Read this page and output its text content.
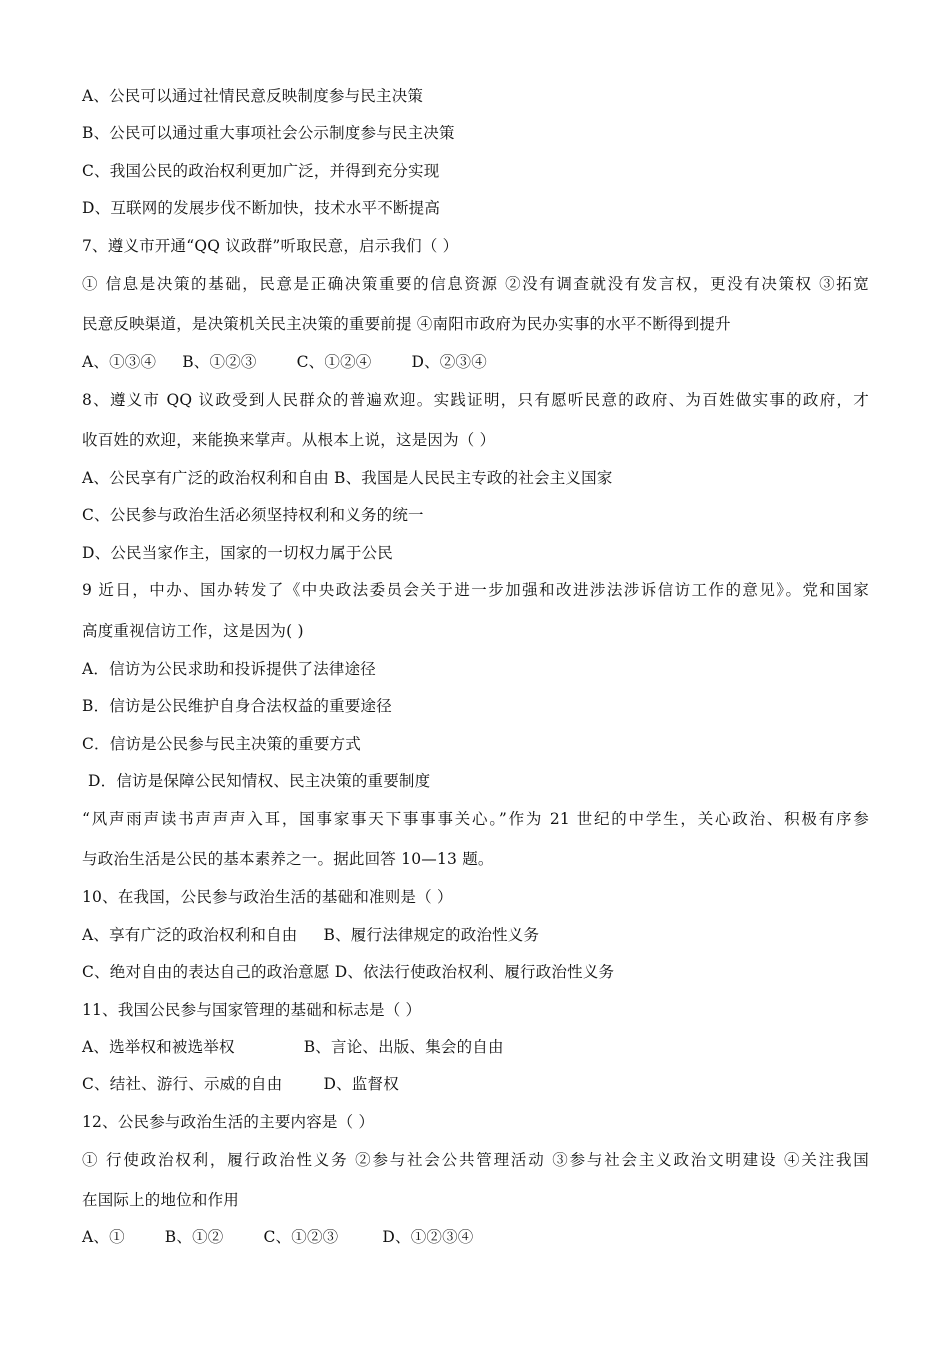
A、公民可以通过社情民意反映制度参与民主决策
B、公民可以通过重大事项社会公示制度参与民主决策
C、我国公民的政治权利更加广泛，并得到充分实现
D、互联网的发展步伐不断加快，技术水平不断提高
7、遵义市开通“QQ 议政群”听取民意，启示我们（ ）
① 信息是决策的基础，民意是正确决策重要的信息资源 ②没有调查就没有发言权，更没有决策权 ③拓宽
民意反映渠道，是决策机关民主决策的重要前提 ④南阳市政府为民办实事的水平不断得到提升
A、①③④ B、①②③	C、①②④	D、②③④
8、遵义市 QQ 议政受到人民群众的普遍欢迎。实践证明，只有愿听民意的政府、为百姓做实事的政府，才
收百姓的欢迎，来能换来掌声。从根本上说，这是因为（ ）
A、公民享有广泛的政治权利和自由 B、我国是人民民主专政的社会主义国家
C、公民参与政治生活必须坚持权利和义务的统一
D、公民当家作主，国家的一切权力属于公民
9 近日，中办、国办转发了《中央政法委员会关于进一步加强和改进涉法涉诉信访工作的意见》。党和国家
高度重视信访工作，这是因为( )
A．信访为公民求助和投诉提供了法律途径
B．信访是公民维护自身合法权益的重要途径
C．信访是公民参与民主决策的重要方式
D．信访是保障公民知情权、民主决策的重要制度
“风声雨声读书声声声入耳，国事家事天下事事事关心。”作为 21 世纪的中学生，关心政治、积极有序参
与政治生活是公民的基本素养之一。据此回答 10—13 题。
10、在我国，公民参与政治生活的基础和准则是（ ）
A、享有广泛的政治权利和自由 B、履行法律规定的政治性义务
C、绝对自由的表达自己的政治意愿 D、依法行使政治权利、履行政治性义务
11、我国公民参与国家管理的基础和标志是（ ）
A、选举权和被选举权	B、言论、出版、集会的自由
C、结社、游行、示威的自由	D、监督权
12、公民参与政治生活的主要内容是（ ）
① 行使政治权利，履行政治性义务 ②参与社会公共管理活动 ③参与社会主义政治文明建设 ④关注我国
在国际上的地位和作用
A、①	B、①②	C、①②③	D、①②③④
